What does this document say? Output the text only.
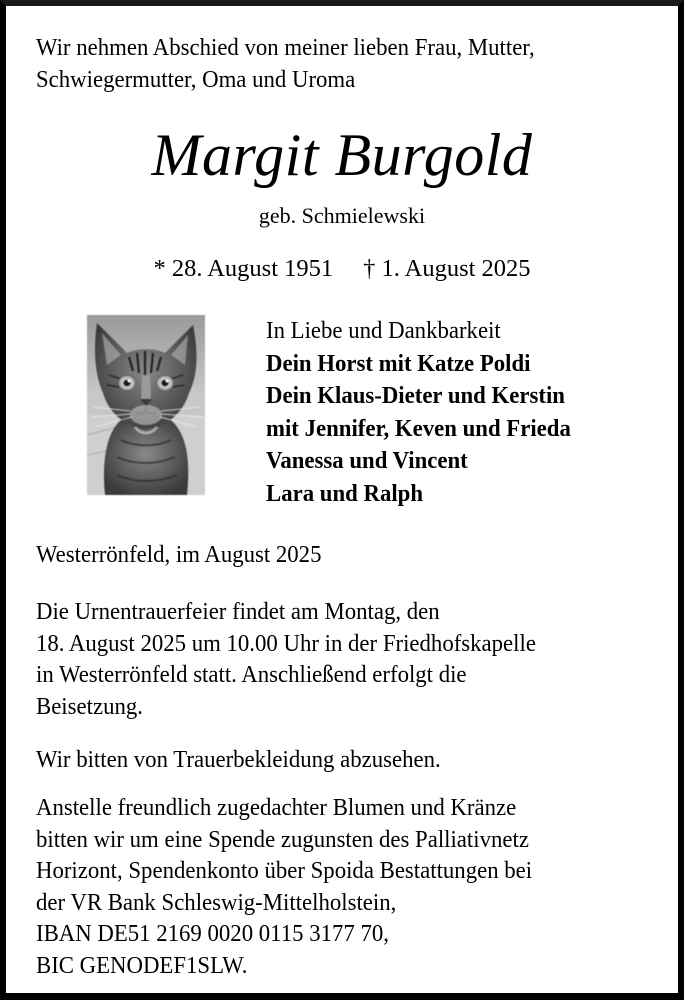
Wir nehmen Abschied von meiner lieben Frau, Mutter,
Schwiegermutter, Oma und Uroma
Margit Burgold
geb. Schmielewski
* 28. August 1951 † 1. August 2025
In Liebe und Dankbarkeit
Dein Horst mit Katze Poldi
Dein Klaus-Dieter und Kerstin
mit Jennifer, Keven und Frieda
Vanessa und Vincent
Lara und Ralph
Westerrönfeld, im August 2025
Die Urnentrauerfeier findet am Montag, den
18. August 2025 um 10.00 Uhr in der Friedhofskapelle
in Westerrönfeld statt. Anschließend erfolgt die
Beisetzung.
Wir bitten von Trauerbekleidung abzusehen.
Anstelle freundlich zugedachter Blumen und Kränze
bitten wir um eine Spende zugunsten des Palliativnetz
Horizont, Spendenkonto über Spoida Bestattungen bei
der VR Bank Schleswig-Mittelholstein,
IBAN DE51 2169 0020 0115 3177 70,
BIC GENODEF1SLW.
